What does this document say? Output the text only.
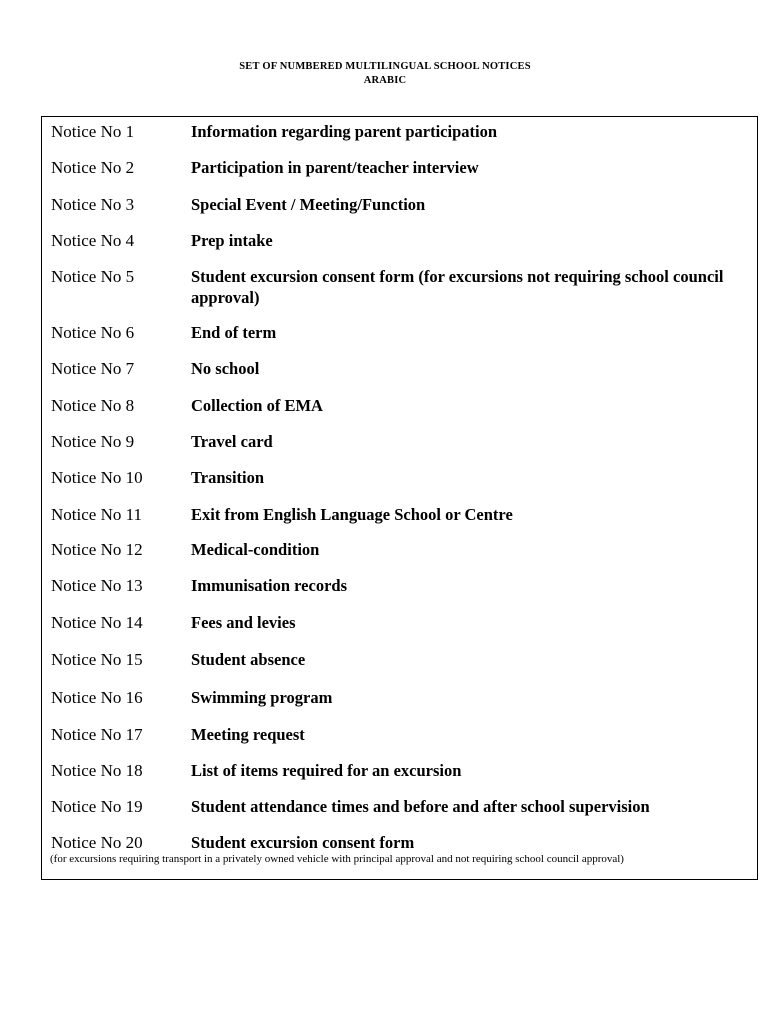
SET OF NUMBERED MULTILINGUAL SCHOOL NOTICES
ARABIC
Notice No 1	Information regarding parent participation
Notice No 2	Participation in parent/teacher interview
Notice No 3	Special Event / Meeting/Function
Notice No 4	Prep intake
Notice No 5	Student excursion consent form (for excursions not requiring school council approval)
Notice No 6	End of term
Notice No 7	No school
Notice No 8	Collection of EMA
Notice No 9	Travel card
Notice No 10	Transition
Notice No 11	Exit from English Language School or Centre
Notice No 12	Medical-condition
Notice No 13	Immunisation records
Notice No 14	Fees and levies
Notice No 15	Student absence
Notice No 16	Swimming program
Notice No 17	Meeting request
Notice No 18	List of items required for an excursion
Notice No 19	Student attendance times and before and after school supervision
Notice No 20	Student excursion consent form
(for excursions requiring transport in a privately owned vehicle with principal approval and not requiring school council approval)
